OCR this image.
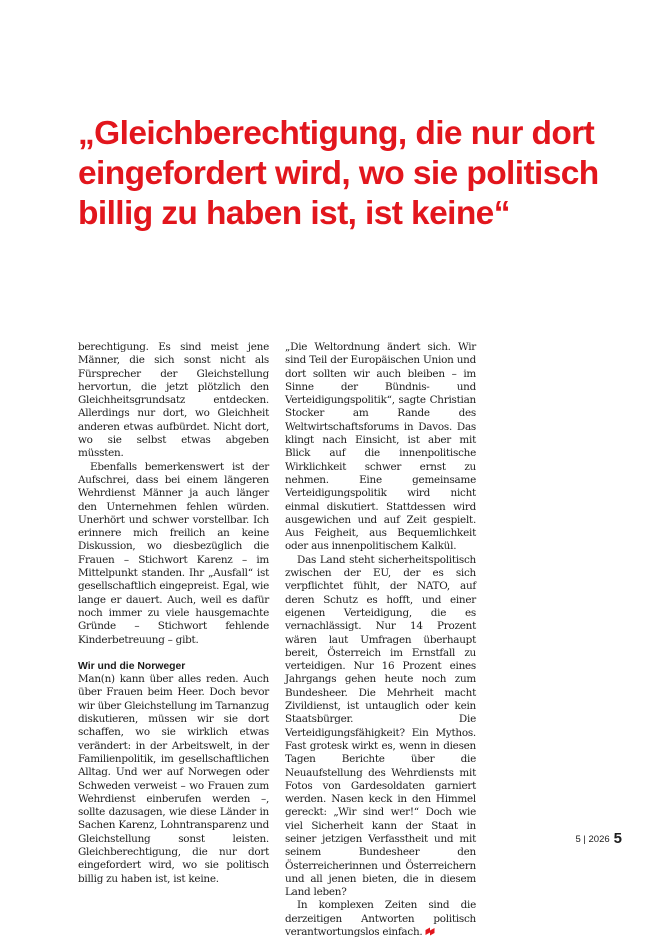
„Gleichberechtigung, die nur dort
eingefordert wird, wo sie politisch
billig zu haben ist, ist keine“

berechtigung. Es sind meist jene Männer, die sich sonst nicht als Fürsprecher der Gleichstellung hervortun, die jetzt plötzlich den Gleichheitsgrundsatz entdecken. Allerdings nur dort, wo Gleichheit anderen etwas aufbürdet. Nicht dort, wo sie selbst etwas abgeben müssten.

Ebenfalls bemerkenswert ist der Aufschrei, dass bei einem längeren Wehrdienst Männer ja auch länger den Unternehmen fehlen würden. Unerhört und schwer vorstellbar. Ich erinnere mich freilich an keine Diskussion, wo diesbezüglich die Frauen – Stichwort Karenz – im Mittelpunkt standen. Ihr „Ausfall“ ist gesellschaftlich eingepreist. Egal, wie lange er dauert. Auch, weil es dafür noch immer zu viele hausgemachte Gründe – Stichwort fehlende Kinderbetreuung – gibt.

Wir und die Norweger

Man(n) kann über alles reden. Auch über Frauen beim Heer. Doch bevor wir über Gleichstellung im Tarnanzug diskutieren, müssen wir sie dort schaffen, wo sie wirklich etwas verändert: in der Arbeitswelt, in der Familienpolitik, im gesellschaftlichen Alltag. Und wer auf Norwegen oder Schweden verweist – wo Frauen zum Wehrdienst einberufen werden –, sollte dazusagen, wie diese Länder in Sachen Karenz, Lohntransparenz und Gleichstellung sonst leisten. Gleichberechtigung, die nur dort eingefordert wird, wo sie politisch billig zu haben ist, ist keine.

„Die Weltordnung ändert sich. Wir sind Teil der Europäischen Union und dort sollten wir auch bleiben – im Sinne der Bündnis- und Verteidigungspolitik“, sagte Christian Stocker am Rande des Weltwirtschaftsforums in Davos. Das klingt nach Einsicht, ist aber mit Blick auf die innenpolitische Wirklichkeit schwer ernst zu nehmen. Eine gemeinsame Verteidigungspolitik wird nicht einmal diskutiert. Stattdessen wird ausgewichen und auf Zeit gespielt. Aus Feigheit, aus Bequemlichkeit oder aus innenpolitischem Kalkül.

Das Land steht sicherheitspolitisch zwischen der EU, der es sich verpflichtet fühlt, der NATO, auf deren Schutz es hofft, und einer eigenen Verteidigung, die es vernachlässigt. Nur 14 Prozent wären laut Umfragen überhaupt bereit, Österreich im Ernstfall zu verteidigen. Nur 16 Prozent eines Jahrgangs gehen heute noch zum Bundesheer. Die Mehrheit macht Zivildienst, ist untauglich oder kein Staatsbürger. Die Verteidigungsfähigkeit? Ein Mythos. Fast grotesk wirkt es, wenn in diesen Tagen Berichte über die Neuaufstellung des Wehrdiensts mit Fotos von Gardesoldaten garniert werden. Nasen keck in den Himmel gereckt: „Wir sind wer!“ Doch wie viel Sicherheit kann der Staat in seiner jetzigen Verfasstheit und mit seinem Bundesheer den Österreicherinnen und Österreichern und all jenen bieten, die in diesem Land leben?

In komplexen Zeiten sind die derzeitigen Antworten politisch verantwortungslos einfach.

5 | 2026 5
